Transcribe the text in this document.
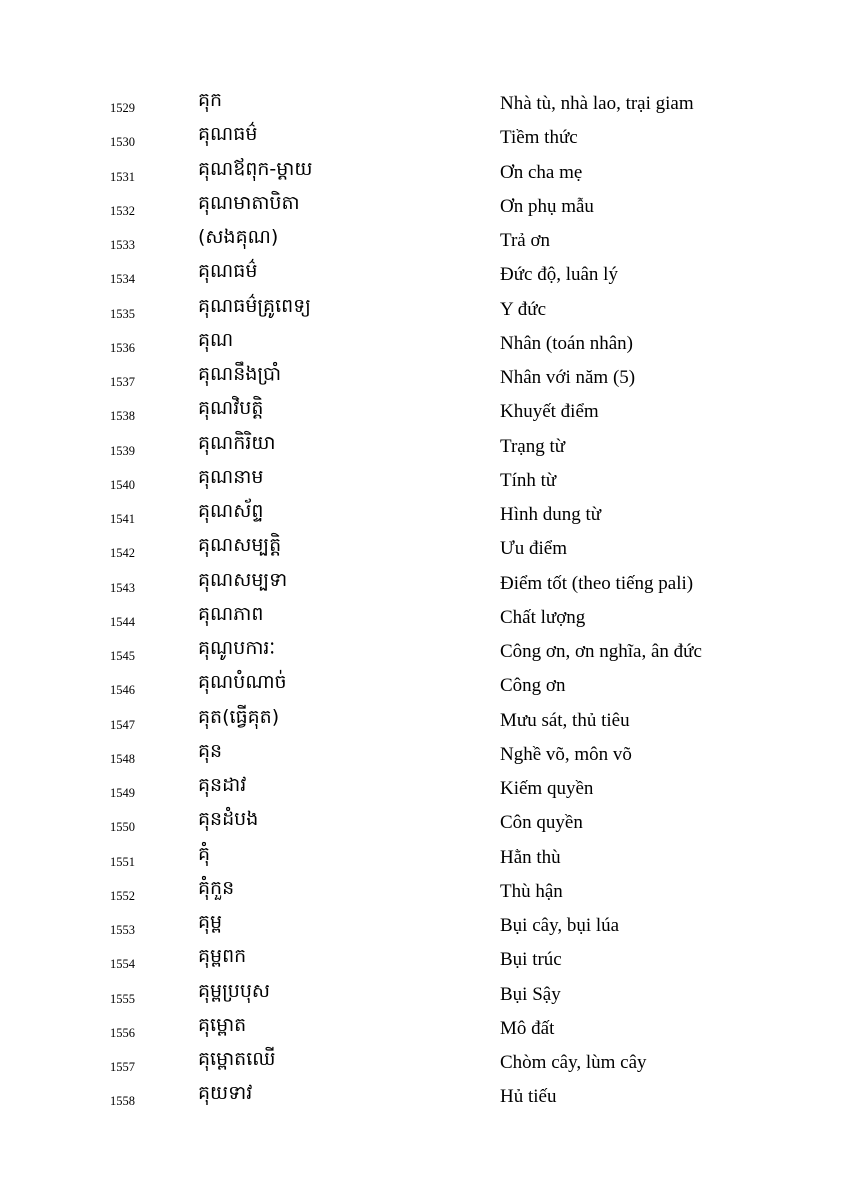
1529	គុក	Nhà tù, nhà lao, trại giam
1530	គុណធម៌	Tiềm thức
1531	គុណឪពុក-ម្ដាយ	Ơn cha mẹ
1532	គុណមាតាបិតា	Ơn phụ mẫu
1533	(សងគុណ)	Trả ơn
1534	គុណធម៌	Đức độ, luân lý
1535	គុណធម៌គ្រូពេទ្យ	Y đức
1536	គុណ	Nhân (toán nhân)
1537	គុណនឹងប្រាំ	Nhân với năm (5)
1538	គុណវិបត្តិ	Khuyết điểm
1539	គុណកិរិយា	Trạng từ
1540	គុណនាម	Tính từ
1541	គុណស័ព្ទ	Hình dung từ
1542	គុណសម្បត្តិ	Ưu điểm
1543	គុណសម្បទា	Điểm tốt (theo tiếng pali)
1544	គុណភាព	Chất lượng
1545	គុណូបការៈ	Công ơn, ơn nghĩa, ân đức
1546	គុណបំណាច់	Công ơn
1547	គុត(ធ្វើគុត)	Mưu sát, thủ tiêu
1548	គុន	Nghề võ, môn võ
1549	គុនដាវ	Kiếm quyền
1550	គុនដំបង	Côn quyền
1551	គុំ	Hằn thù
1552	គុំកួន	Thù hận
1553	គុម្ព	Bụi cây, bụi lúa
1554	គុម្ពពក	Bụi trúc
1555	គុម្ពប្របុស	Bụi Sậy
1556	គុម្ពោត	Mô đất
1557	គុម្ពោតឈើ	Chòm cây, lùm cây
1558	គុយទាវ	Hủ tiếu
